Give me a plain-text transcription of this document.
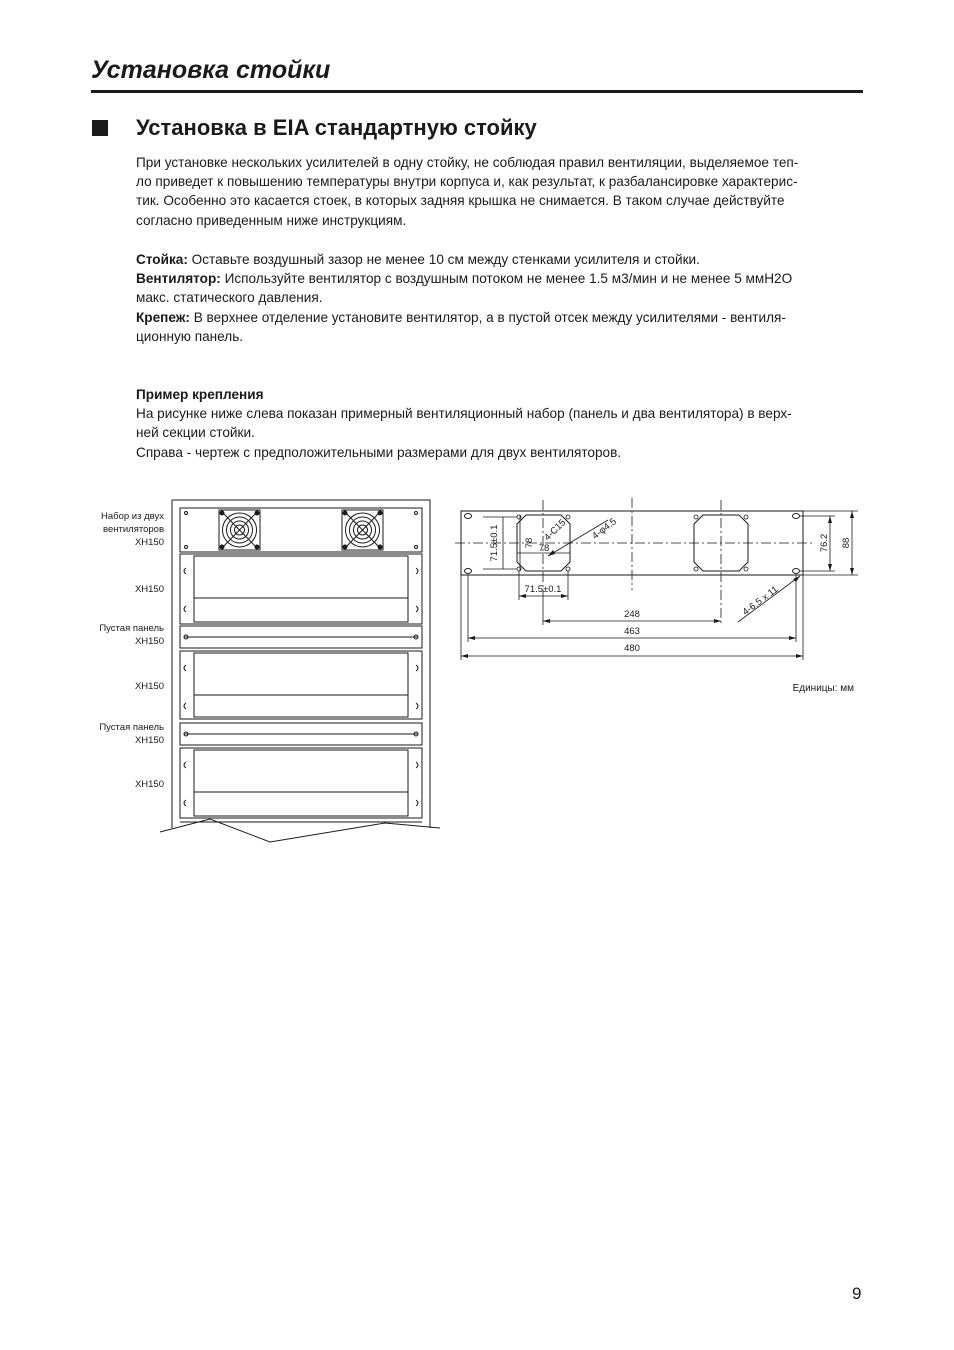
Установка стойки
Установка в EIA стандартную стойку

При установке нескольких усилителей в одну стойку, не соблюдая правил вентиляции, выделяемое теп-

ло приведет к повышению температуры внутри корпуса и, как результат, к разбалансировке характерис-

тик. Особенно это касается стоек, в которых задняя крышка не снимается. В таком случае действуйте

согласно приведенным ниже инструкциям.

Стойка: Оставьте воздушный зазор не менее 10 см между стенками усилителя и стойки.

Вентилятор: Используйте вентилятор с воздушным потоком не менее 1.5 м3/мин и не менее 5 ммН2О

макс. статического давления.

Крепеж: В верхнее отделение установите вентилятор, а в пустой отсек между усилителями - вентиля-

ционную панель.

Пример крепления

На рисунке ниже слева показан примерный вентиляционный набор (панель и два вентилятора) в верх-

ней секции стойки.

Справа - чертеж с предположительными размерами для двух вентиляторов.

Набор из двух
вентиляторов
XH150
XH150
Пустая панель
XH150
XH150
Пустая панель
XH150
XH150
71.5±0.1	78 78
4-C15 4-φ4.5
71.5±0.1
248
463
480
4-6.5 x 11
76.2 88
Единицы: мм
9
